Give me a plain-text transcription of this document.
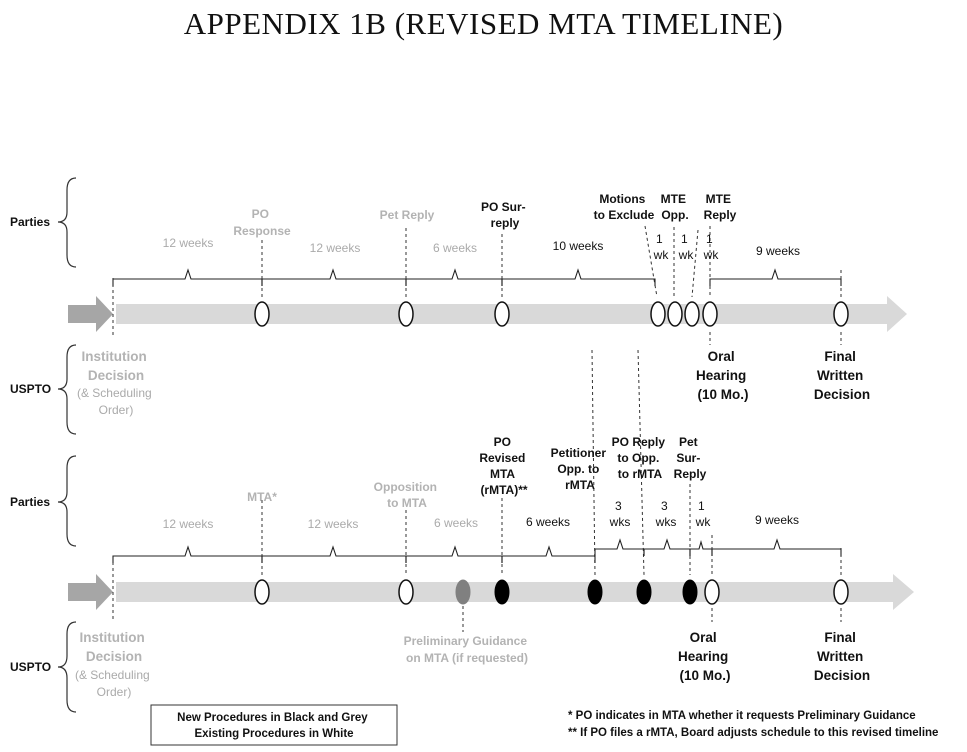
APPENDIX 1B (REVISED MTA TIMELINE)
Parties
USPTO
Parties
USPTO
PO Response
Pet Reply
PO Sur- reply
Motions to Exclude
MTE Opp.
MTE Reply
12 weeks	12 weeks	6 weeks	10 weeks	1 wk
1 wk
1 wk	9 weeks
Institution Decision
(& Scheduling Order)
Oral Hearing (10 Mo.)
Final Written Decision
MTA*
Opposition to MTA
PO Revised MTA (rMTA)**
Petitioner Opp. to rMTA
PO Reply to Opp. to rMTA
Pet Sur- Reply
12 weeks	12 weeks	6 weeks	6 weeks
3 wks
3 wks
1 wk	9 weeks
Institution Decision
(& Scheduling Order)
Preliminary Guidance on MTA (if requested)
Oral Hearing (10 Mo.)
Final Written Decision
New Procedures in Black and Grey Existing Procedures in White
* PO indicates in MTA whether it requests Preliminary Guidance
** If PO files a rMTA, Board adjusts schedule to this revised timeline
